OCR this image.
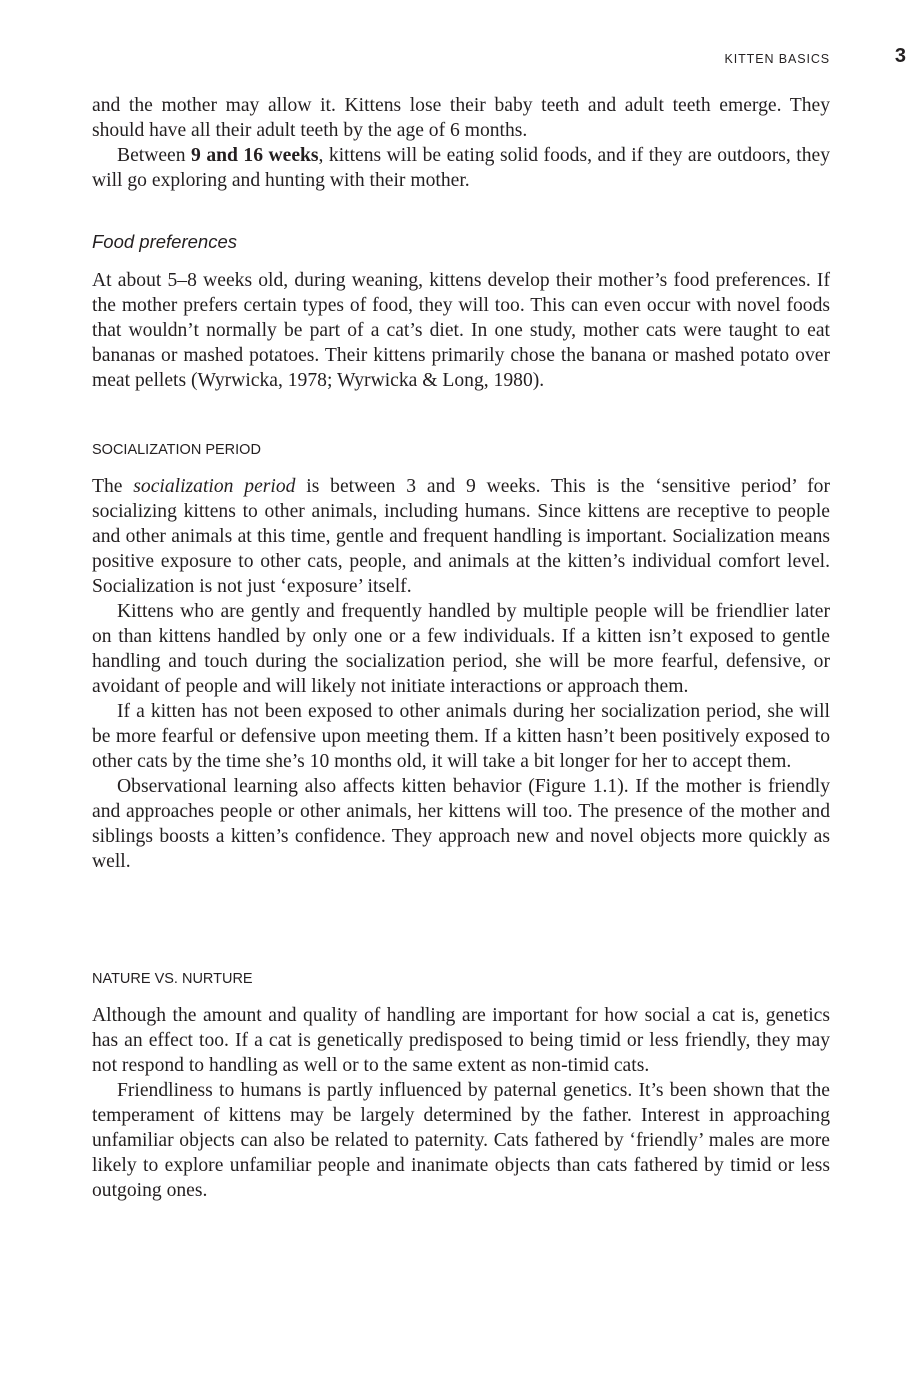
KITTEN BASICS	3

and the mother may allow it. Kittens lose their baby teeth and adult teeth emerge. They should have all their adult teeth by the age of 6 months.

Between 9 and 16 weeks, kittens will be eating solid foods, and if they are outdoors, they will go exploring and hunting with their mother.

Food preferences

At about 5–8 weeks old, during weaning, kittens develop their mother’s food preferences. If the mother prefers certain types of food, they will too. This can even occur with novel foods that wouldn’t normally be part of a cat’s diet. In one study, mother cats were taught to eat bananas or mashed potatoes. Their kittens primarily chose the banana or mashed potato over meat pellets (Wyrwicka, 1978; Wyrwicka & Long, 1980).

SOCIALIZATION PERIOD

The socialization period is between 3 and 9 weeks. This is the ‘sensitive period’ for socializing kittens to other animals, including humans. Since kittens are receptive to people and other animals at this time, gentle and frequent handling is important. Socialization means positive exposure to other cats, people, and animals at the kitten’s individual comfort level. Socialization is not just ‘exposure’ itself.

Kittens who are gently and frequently handled by multiple people will be friendlier later on than kittens handled by only one or a few individuals. If a kitten isn’t exposed to gentle handling and touch during the socialization period, she will be more fearful, defensive, or avoidant of people and will likely not initiate interactions or approach them.

If a kitten has not been exposed to other animals during her socialization period, she will be more fearful or defensive upon meeting them. If a kitten hasn’t been positively exposed to other cats by the time she’s 10 months old, it will take a bit longer for her to accept them.

Observational learning also affects kitten behavior (Figure 1.1). If the mother is friendly and approaches people or other animals, her kittens will too. The presence of the mother and siblings boosts a kitten’s confidence. They approach new and novel objects more quickly as well.

NATURE VS. NURTURE

Although the amount and quality of handling are important for how social a cat is, genetics has an effect too. If a cat is genetically predisposed to being timid or less friendly, they may not respond to handling as well or to the same extent as non-timid cats.

Friendliness to humans is partly influenced by paternal genetics. It’s been shown that the temperament of kittens may be largely determined by the father. Interest in approaching unfamiliar objects can also be related to paternity. Cats fathered by ‘friendly’ males are more likely to explore unfamiliar people and inanimate objects than cats fathered by timid or less outgoing ones.
